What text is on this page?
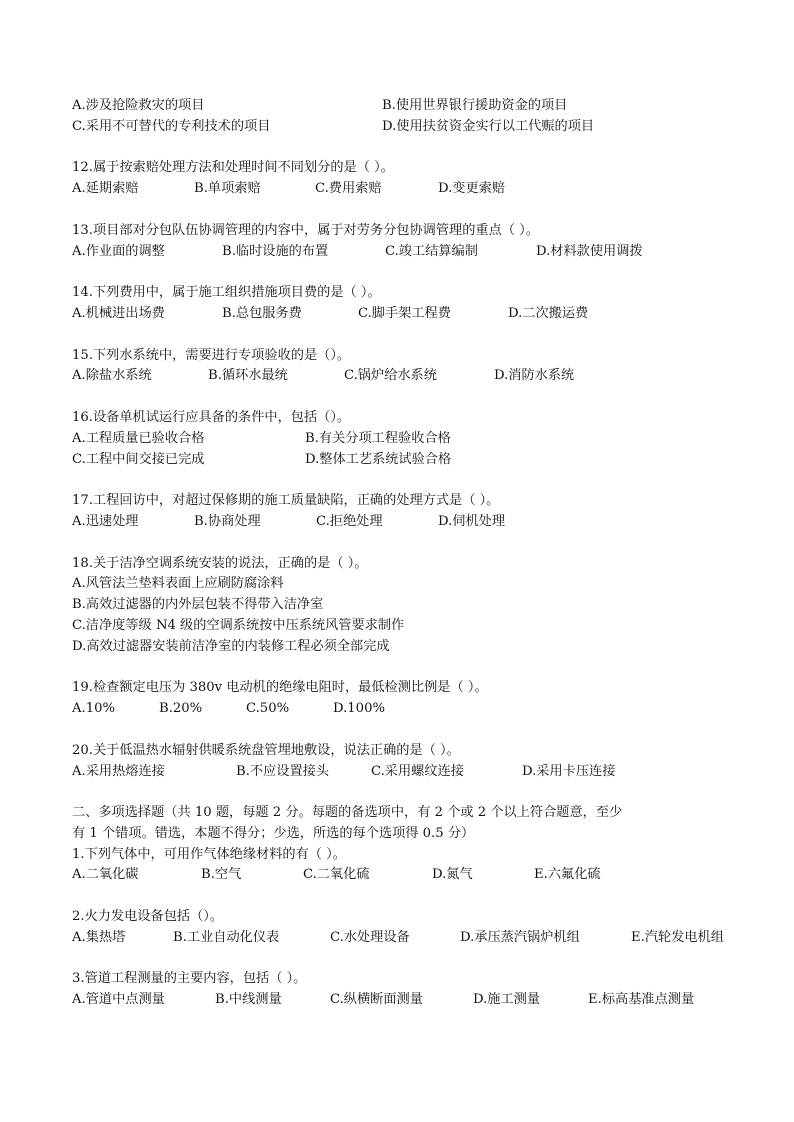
A.涉及抢险救灾的项目	B.使用世界银行援助资金的项目
C.采用不可替代的专利技术的项目	D.使用扶贫资金实行以工代赈的项目
12.属于按索赔处理方法和处理时间不同划分的是（ ）。
A.延期索赔	B.单项索赔	C.费用索赔	D.变更索赔
13.项目部对分包队伍协调管理的内容中，属于对劳务分包协调管理的重点（ ）。
A.作业面的调整	B.临时设施的布置	C.竣工结算编制	D.材料款使用调拨
14.下列费用中，属于施工组织措施项目费的是（ ）。
A.机械进出场费	B.总包服务费	C.脚手架工程费	D.二次搬运费
15.下列水系统中，需要进行专项验收的是（）。
A.除盐水系统	B.循环水最统	C.锅炉给水系统	D.消防水系统
16.设备单机试运行应具备的条件中，包括（）。
A.工程质量已验收合格	B.有关分项工程验收合格
C.工程中间交接已完成	D.整体工艺系统试验合格
17.工程回访中，对超过保修期的施工质量缺陷，正确的处理方式是（ ）。
A.迅速处理	B.协商处理	C.拒绝处理	D.伺机处理
18.关于洁净空调系统安装的说法，正确的是（ ）。
A.风管法兰垫料表面上应刷防腐涂料
B.高效过滤器的内外层包装不得带入洁净室
C.洁净度等级 N4 级的空调系统按中压系统风管要求制作
D.高效过滤器安装前洁净室的内装修工程必须全部完成
19.检查额定电压为 380v 电动机的绝缘电阻时，最低检测比例是（ ）。
A.10%	B.20%	C.50%	D.100%
20.关于低温热水辐射供暖系统盘管埋地敷设，说法正确的是（ ）。
A.采用热熔连接	B.不应设置接头	C.采用螺纹连接	D.采用卡压连接
二、多项选择题（共 10 题，每题 2 分。每题的备选项中，有 2 个或 2 个以上符合题意，至少
有 1 个错项。错选，本题不得分；少选，所选的每个选项得 0.5 分）
1.下列气体中，可用作气体绝缘材料的有（ ）。
A.二氧化碳	B.空气	C.二氧化硫	D.氮气	E.六氟化硫
2.火力发电设备包括（）。
A.集热塔	B.工业自动化仪表	C.水处理设备	D.承压蒸汽锅炉机组	E.汽轮发电机组
3.管道工程测量的主要内容，包括（ ）。
A.管道中点测量	B.中线测量	C.纵横断面测量	D.施工测量	E.标高基准点测量
